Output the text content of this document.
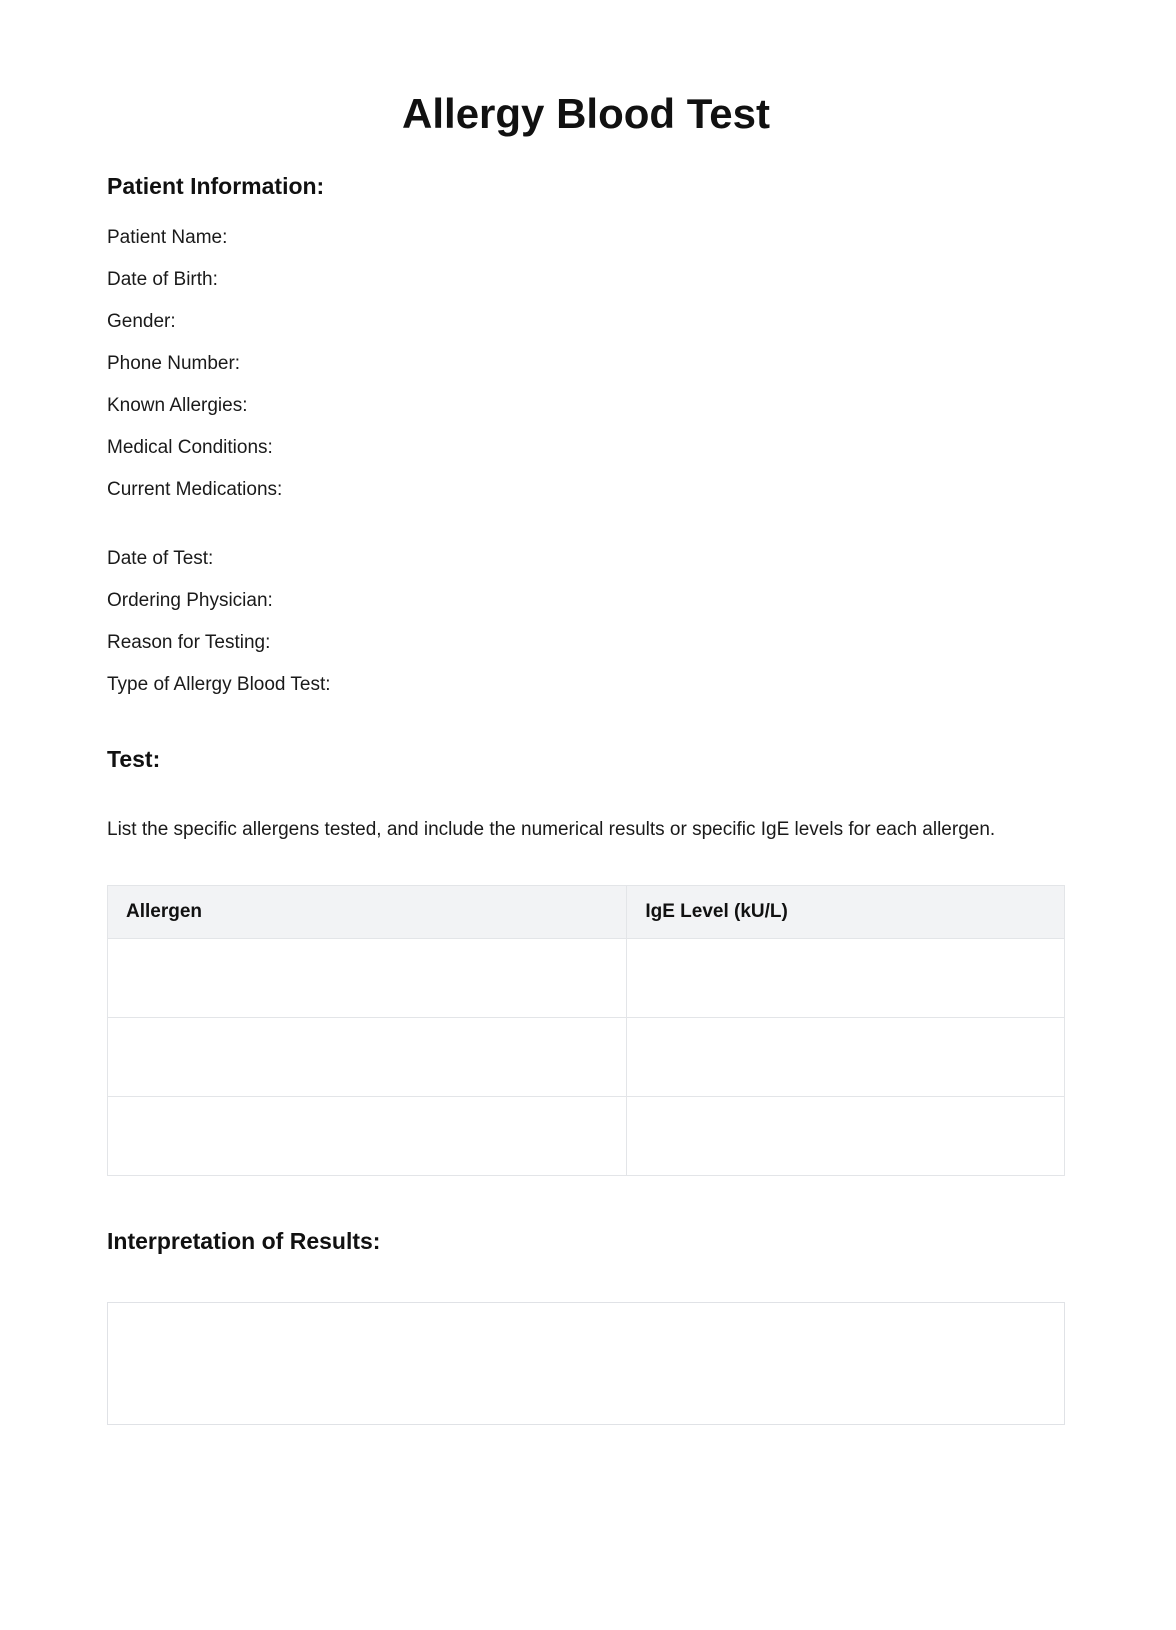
Allergy Blood Test
Patient Information:

Patient Name:

Date of Birth:

Gender:

Phone Number:

Known Allergies:

Medical Conditions:

Current Medications:

Date of Test:

Ordering Physician:

Reason for Testing:

Type of Allergy Blood Test:

Test:

List the specific allergens tested, and include the numerical results or specific IgE levels for each allergen.

Allergen	IgE Level (kU/L)

Interpretation of Results:
